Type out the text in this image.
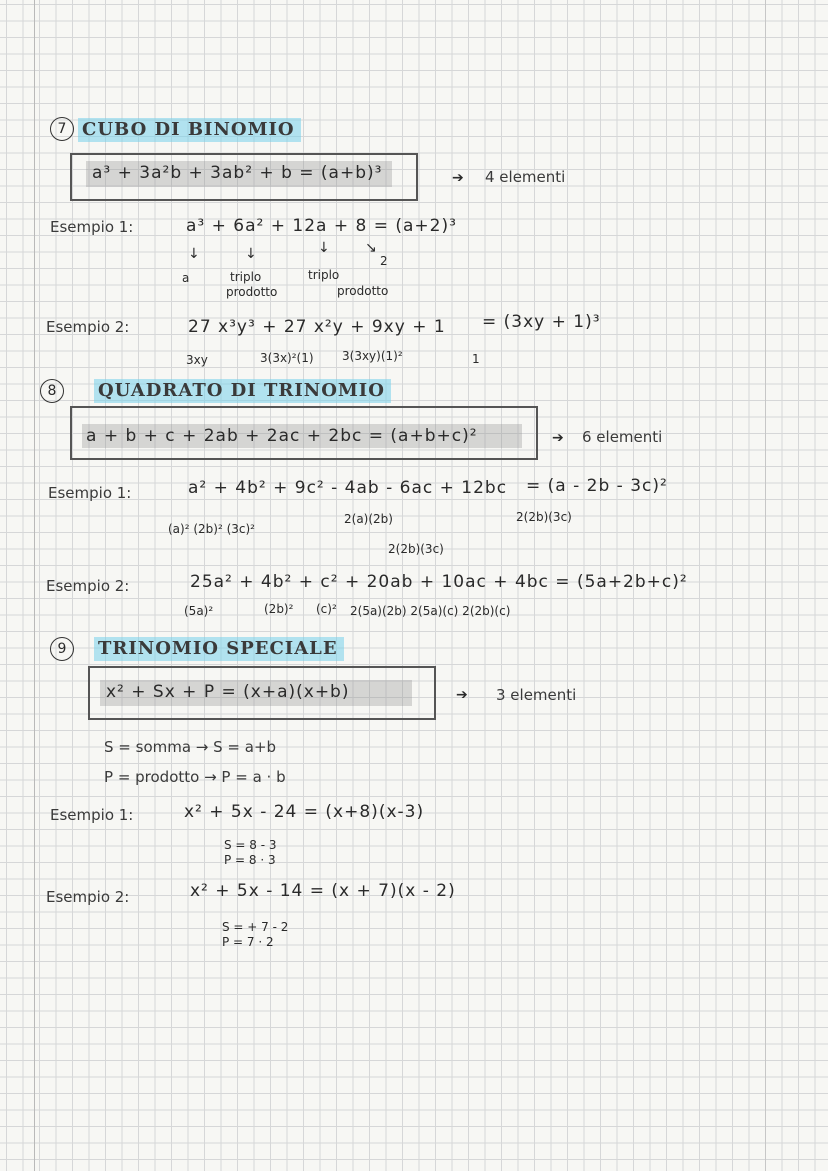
7 CUBO DI BINOMIO
a³ + 3a²b + 3ab² + b = (a+b)³	➔ 4 elementi
Esempio 1:	a³ + 6a² + 12a + 8 = (a+2)³
↓	↓	↓	↘
a	triplo
prodotto
triplo
prodotto
2
Esempio 2:	27 x³y³ + 27 x²y + 9xy + 1 = (3xy + 1)³
3xy	3(3x)²(1) 3(3xy)(1)²	1
8	QUADRATO DI TRINOMIO
a + b + c + 2ab + 2ac + 2bc = (a+b+c)²	➔ 6 elementi
Esempio 1:	a² + 4b² + 9c² - 4ab - 6ac + 12bc = (a - 2b - 3c)²
(a)² (2b)² (3c)²
2(a)(2b)
2(2b)(3c)
2(2b)(3c)
Esempio 2:	25a² + 4b² + c² + 20ab + 10ac + 4bc = (5a+2b+c)²
(5a)²	(2b)² (c)² 2(5a)(2b) 2(5a)(c) 2(2b)(c)
9	TRINOMIO SPECIALE
x² + Sx + P = (x+a)(x+b)	➔ 3 elementi
S = somma → S = a+b
P = prodotto → P = a · b
Esempio 1:	x² + 5x - 24 = (x+8)(x-3)
S = 8 - 3
P = 8 · 3
Esempio 2:	x² + 5x - 14 = (x + 7)(x - 2)
S = + 7 - 2
P = 7 · 2
